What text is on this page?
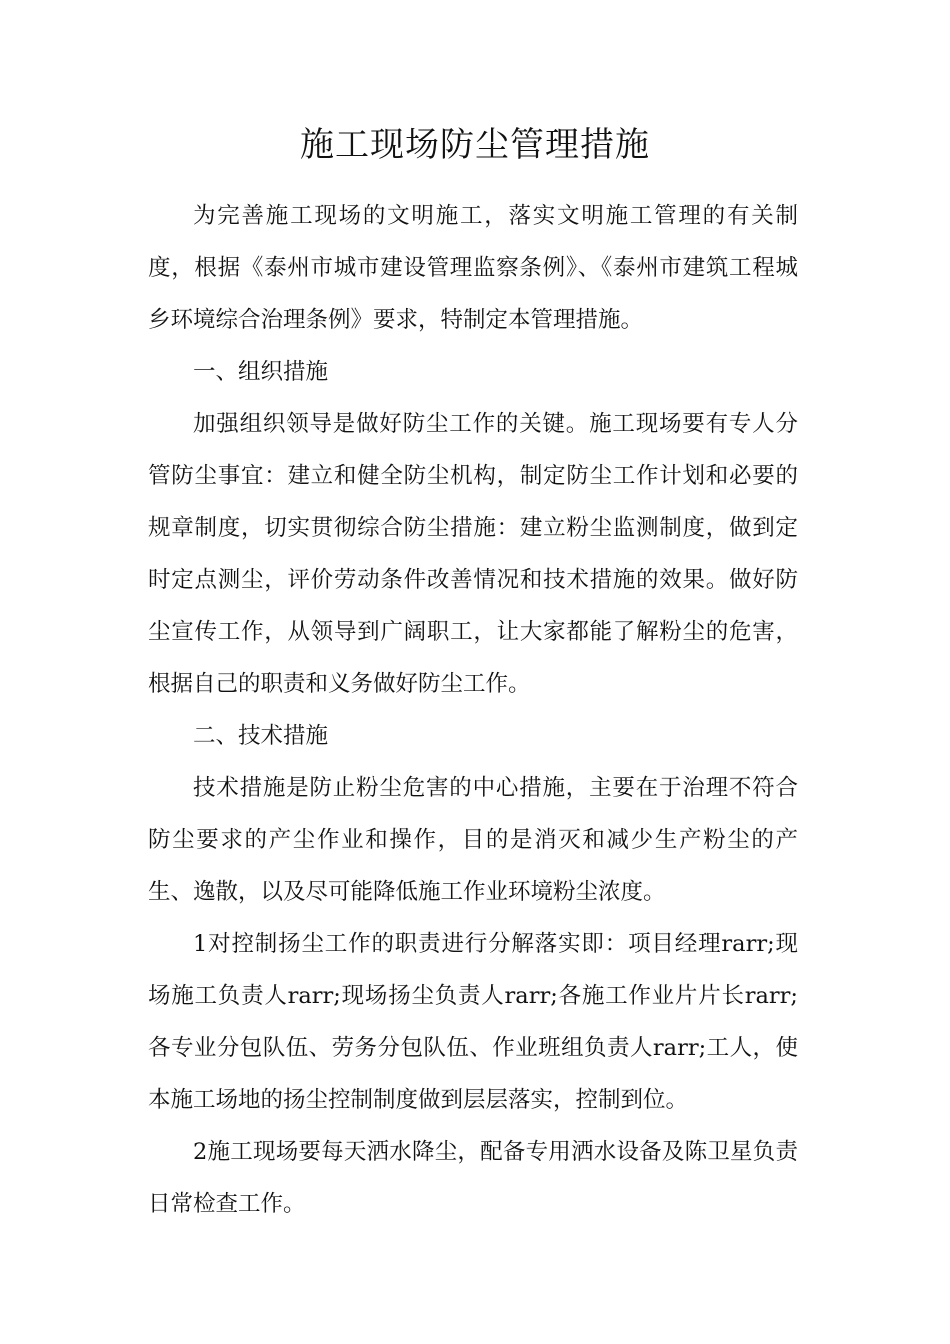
施工现场防尘管理措施

为完善施工现场的文明施工，落实文明施工管理的有关制度，根据《泰州市城市建设管理监察条例》、《泰州市建筑工程城乡环境综合治理条例》要求，特制定本管理措施。

一、组织措施

加强组织领导是做好防尘工作的关键。施工现场要有专人分管防尘事宜：建立和健全防尘机构，制定防尘工作计划和必要的规章制度，切实贯彻综合防尘措施：建立粉尘监测制度，做到定时定点测尘，评价劳动条件改善情况和技术措施的效果。做好防尘宣传工作，从领导到广阔职工，让大家都能了解粉尘的危害，根据自己的职责和义务做好防尘工作。

二、技术措施

技术措施是防止粉尘危害的中心措施，主要在于治理不符合防尘要求的产尘作业和操作，目的是消灭和减少生产粉尘的产生、逸散，以及尽可能降低施工作业环境粉尘浓度。

1对控制扬尘工作的职责进行分解落实即：项目经理rarr;现场施工负责人rarr;现场扬尘负责人rarr;各施工作业片片长rarr;各专业分包队伍、劳务分包队伍、作业班组负责人rarr;工人，使本施工场地的扬尘控制制度做到层层落实，控制到位。

2施工现场要每天洒水降尘，配备专用洒水设备及陈卫星负责日常检查工作。
